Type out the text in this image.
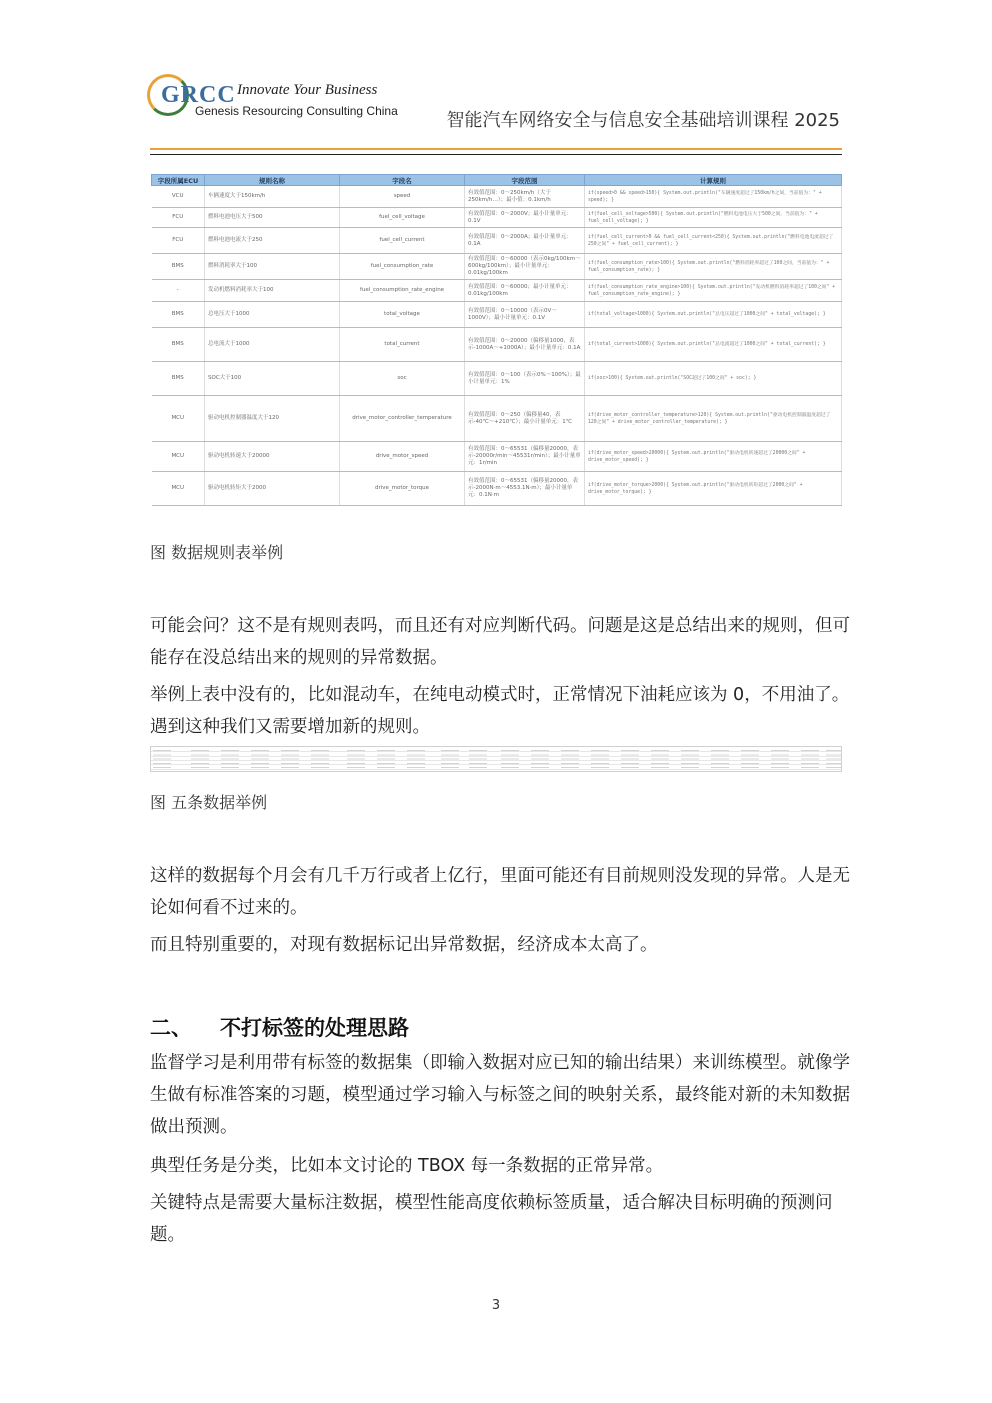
GRCC Innovate Your Business
Genesis Resourcing Consulting China	智能汽车网络安全与信息安全基础培训课程 2025
字段所属ECU	规则名称	字段名	字段范围	计算规则
VCU	车辆速度大于150km/h	speed	有效值范围：0～250km/h（大于250km/h…）；最小值：0.1km/h	if(speed>0 && speed>150){ System.out.println("车辆速度超过了150km/h之间，当前值为：" + speed); }
FCU	燃料电池电压大于500	fuel_cell_voltage	有效值范围：0～2000V；最小计量单元：0.1V	if(fuel_cell_voltage>500){ System.out.println("燃料电池电压大于500之间，当前值为：" + fuel_cell_voltage); }
FCU	燃料电池电流大于250	fuel_cell_current	有效值范围：0～2000A；最小计量单元：0.1A	if(fuel_cell_current>0 && fuel_cell_current<250){ System.out.println("燃料电池电流超过了250之间" + fuel_cell_current); }
BMS	燃料消耗率大于100	fuel_consumption_rate	有效值范围：0～60000（表示0kg/100km～600kg/100km）；最小计量单元：0.01kg/100km	if(fuel_consumption_rate>100){ System.out.println("燃料消耗率超过了100之间，当前值为：" + fuel_consumption_rate); }
-	发动机燃料消耗率大于100	fuel_consumption_rate_engine	有效值范围：0～60000；最小计量单元：0.01kg/100km	if(fuel_consumption_rate_engine>100){ System.out.println("发动机燃料消耗率超过了100之间" + fuel_consumption_rate_engine); }
BMS	总电压大于1000	total_voltage	有效值范围：0～10000（表示0V～1000V）；最小计量单元：0.1V	if(total_voltage>1000){ System.out.println("总电压超过了1000之间" + total_voltage); }
BMS	总电流大于1000	total_current	有效值范围：0～20000（偏移量1000，表示-1000A～+1000A）；最小计量单元：0.1A	if(total_current>1000){ System.out.println("总电流超过了1000之间" + total_current); }
BMS	SOC大于100	soc	有效值范围：0～100（表示0%～100%）；最小计量单元：1%	if(soc>100){ System.out.println("SOC超过了100之间" + soc); }
MCU	驱动电机控制器温度大于120	drive_motor_controller_temperature	有效值范围：0～250（偏移量40，表示-40℃～+210℃）；最小计量单元：1℃	if(drive_motor_controller_temperature>120){ System.out.println("驱动电机控制器温度超过了120之间" + drive_motor_controller_temperature); }
MCU	驱动电机转速大于20000	drive_motor_speed	有效值范围：0～65531（偏移量20000，表示-20000r/min～45531r/min）；最小计量单元：1r/min	if(drive_motor_speed>20000){ System.out.println("驱动电机转速超过了20000之间" + drive_motor_speed); }
MCU	驱动电机转矩大于2000	drive_motor_torque	有效值范围：0～65531（偏移量20000，表示-2000N·m～4553.1N·m）；最小计量单元：0.1N·m	if(drive_motor_torque>2000){ System.out.println("驱动电机转矩超过了2000之间" + drive_motor_torque); }
图 数据规则表举例
可能会问？这不是有规则表吗，而且还有对应判断代码。问题是这是总结出来的规则，但可能存在没总结出来的规则的异常数据。
举例上表中没有的，比如混动车，在纯电动模式时，正常情况下油耗应该为 0，不用油了。遇到这种我们又需要增加新的规则。
图 五条数据举例
这样的数据每个月会有几千万行或者上亿行，里面可能还有目前规则没发现的异常。人是无论如何看不过来的。
而且特别重要的，对现有数据标记出异常数据，经济成本太高了。
二、 不打标签的处理思路
监督学习是利用带有标签的数据集（即输入数据对应已知的输出结果）来训练模型。就像学生做有标准答案的习题，模型通过学习输入与标签之间的映射关系，最终能对新的未知数据做出预测。
典型任务是分类，比如本文讨论的 TBOX 每一条数据的正常异常。
关键特点是需要大量标注数据，模型性能高度依赖标签质量，适合解决目标明确的预测问题。
3
